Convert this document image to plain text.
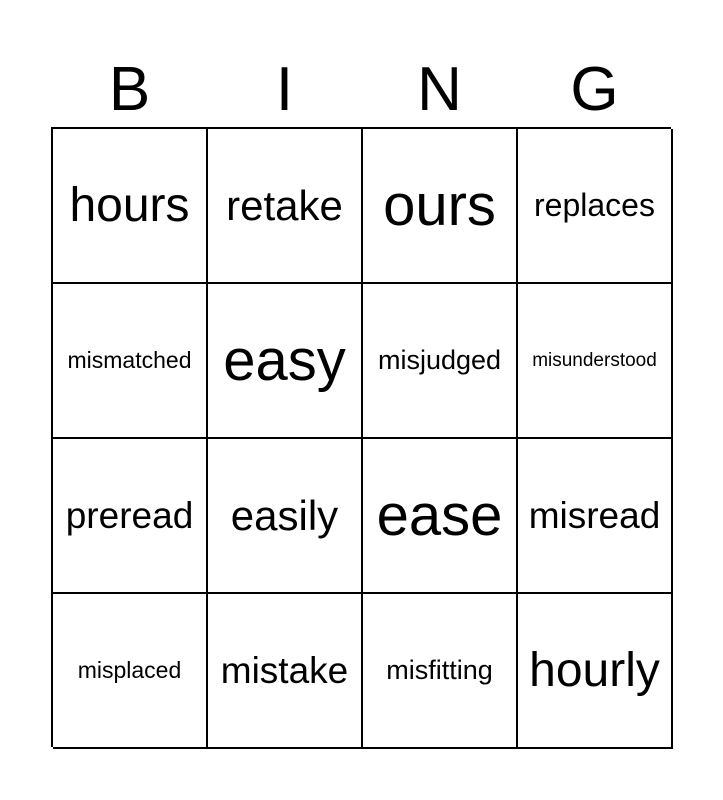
B	I	N	G
hours retake ours replaces
mismatched easy misjudged misunderstood
preread easily ease misread
misplaced mistake misfitting hourly
